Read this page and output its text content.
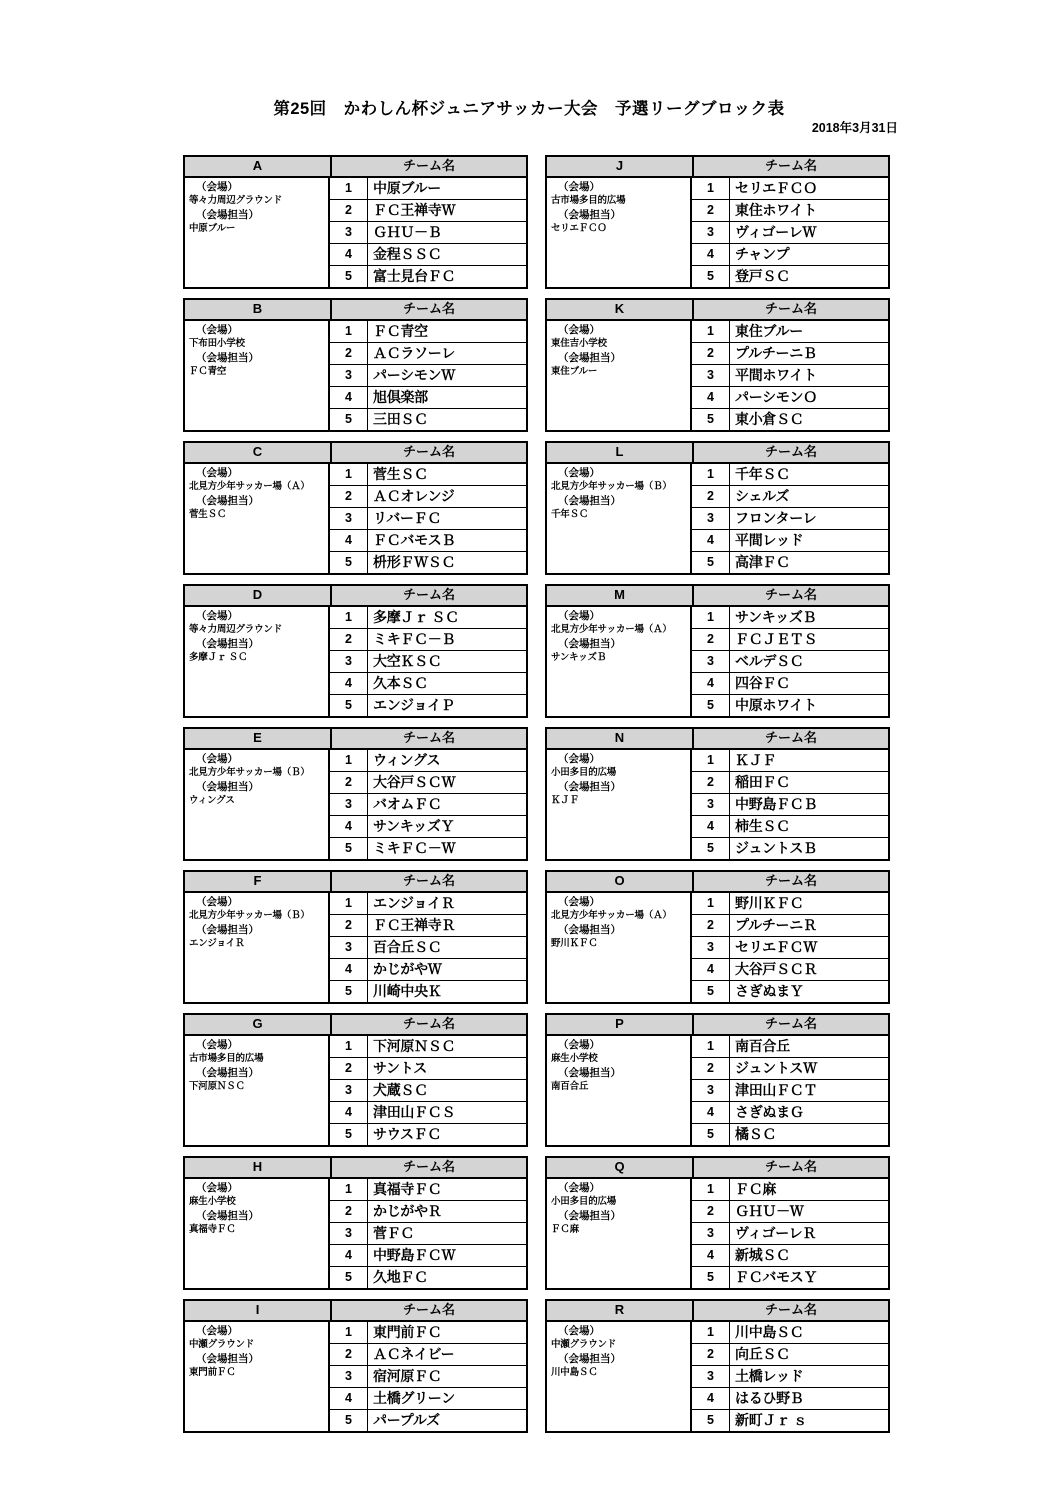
第25回　かわしん杯ジュニアサッカー大会　予選リーグブロック表
2018年3月31日
A	チーム名
（会場）
等々力周辺グラウンド
（会場担当）
中原ブルー
1	中原ブルー
2	ＦＣ王禅寺Ｗ
3	ＧＨＵ－Ｂ
4	金程ＳＳＣ
5	富士見台ＦＣ
J	チーム名
（会場）
古市場多目的広場
（会場担当）
セリエＦＣＯ
1	セリエＦＣＯ
2	東住ホワイト
3	ヴィゴーレＷ
4	チャンプ
5	登戸ＳＣ
B	チーム名
（会場）
下布田小学校
（会場担当）
ＦＣ青空
1	ＦＣ青空
2	ＡＣラソーレ
3	パーシモンＷ
4	旭倶楽部
5	三田ＳＣ
K	チーム名
（会場）
東住吉小学校
（会場担当）
東住ブルー
1	東住ブルー
2	プルチーニＢ
3	平間ホワイト
4	パーシモンＯ
5	東小倉ＳＣ
C	チーム名
（会場）
北見方少年サッカー場（Ａ）
（会場担当）
菅生ＳＣ
1	菅生ＳＣ
2	ＡＣオレンジ
3	リバーＦＣ
4	ＦＣバモスＢ
5	枡形ＦＷＳＣ
L	チーム名
（会場）
北見方少年サッカー場（Ｂ）
（会場担当）
千年ＳＣ
1	千年ＳＣ
2	シェルズ
3	フロンターレ
4	平間レッド
5	高津ＦＣ
D	チーム名
（会場）
等々力周辺グラウンド
（会場担当）
多摩Ｊｒ ＳＣ
1	多摩Ｊｒ ＳＣ
2	ミキＦＣ－Ｂ
3	大空ＫＳＣ
4	久本ＳＣ
5	エンジョイＰ
M	チーム名
（会場）
北見方少年サッカー場（Ａ）
（会場担当）
サンキッズＢ
1	サンキッズＢ
2	ＦＣＪＥＴＳ
3	ベルデＳＣ
4	四谷ＦＣ
5	中原ホワイト
E	チーム名
（会場）
北見方少年サッカー場（Ｂ）
（会場担当）
ウィングス
1	ウィングス
2	大谷戸ＳＣＷ
3	バオムＦＣ
4	サンキッズＹ
5	ミキＦＣ－Ｗ
N	チーム名
（会場）
小田多目的広場
（会場担当）
ＫＪＦ
1	ＫＪＦ
2	稲田ＦＣ
3	中野島ＦＣＢ
4	柿生ＳＣ
5	ジュントスＢ
F	チーム名
（会場）
北見方少年サッカー場（Ｂ）
（会場担当）
エンジョイＲ
1	エンジョイＲ
2	ＦＣ王禅寺Ｒ
3	百合丘ＳＣ
4	かじがやＷ
5	川崎中央Ｋ
O	チーム名
（会場）
北見方少年サッカー場（Ａ）
（会場担当）
野川ＫＦＣ
1	野川ＫＦＣ
2	プルチーニＲ
3	セリエＦＣＷ
4	大谷戸ＳＣＲ
5	さぎぬまＹ
G	チーム名
（会場）
古市場多目的広場
（会場担当）
下河原ＮＳＣ
1	下河原ＮＳＣ
2	サントス
3	犬蔵ＳＣ
4	津田山ＦＣＳ
5	サウスＦＣ
P	チーム名
（会場）
麻生小学校
（会場担当）
南百合丘
1	南百合丘
2	ジュントスＷ
3	津田山ＦＣＴ
4	さぎぬまＧ
5	橘ＳＣ
H	チーム名
（会場）
麻生小学校
（会場担当）
真福寺ＦＣ
1	真福寺ＦＣ
2	かじがやＲ
3	菅ＦＣ
4	中野島ＦＣＷ
5	久地ＦＣ
Q	チーム名
（会場）
小田多目的広場
（会場担当）
ＦＣ麻
1	ＦＣ麻
2	ＧＨＵ－Ｗ
3	ヴィゴーレＲ
4	新城ＳＣ
5	ＦＣバモスＹ
I	チーム名
（会場）
中瀬グラウンド
（会場担当）
東門前ＦＣ
1	東門前ＦＣ
2	ＡＣネイビー
3	宿河原ＦＣ
4	土橋グリーン
5	パープルズ
R	チーム名
（会場）
中瀬グラウンド
（会場担当）
川中島ＳＣ
1	川中島ＳＣ
2	向丘ＳＣ
3	土橋レッド
4	はるひ野Ｂ
5	新町Ｊｒ ｓ
